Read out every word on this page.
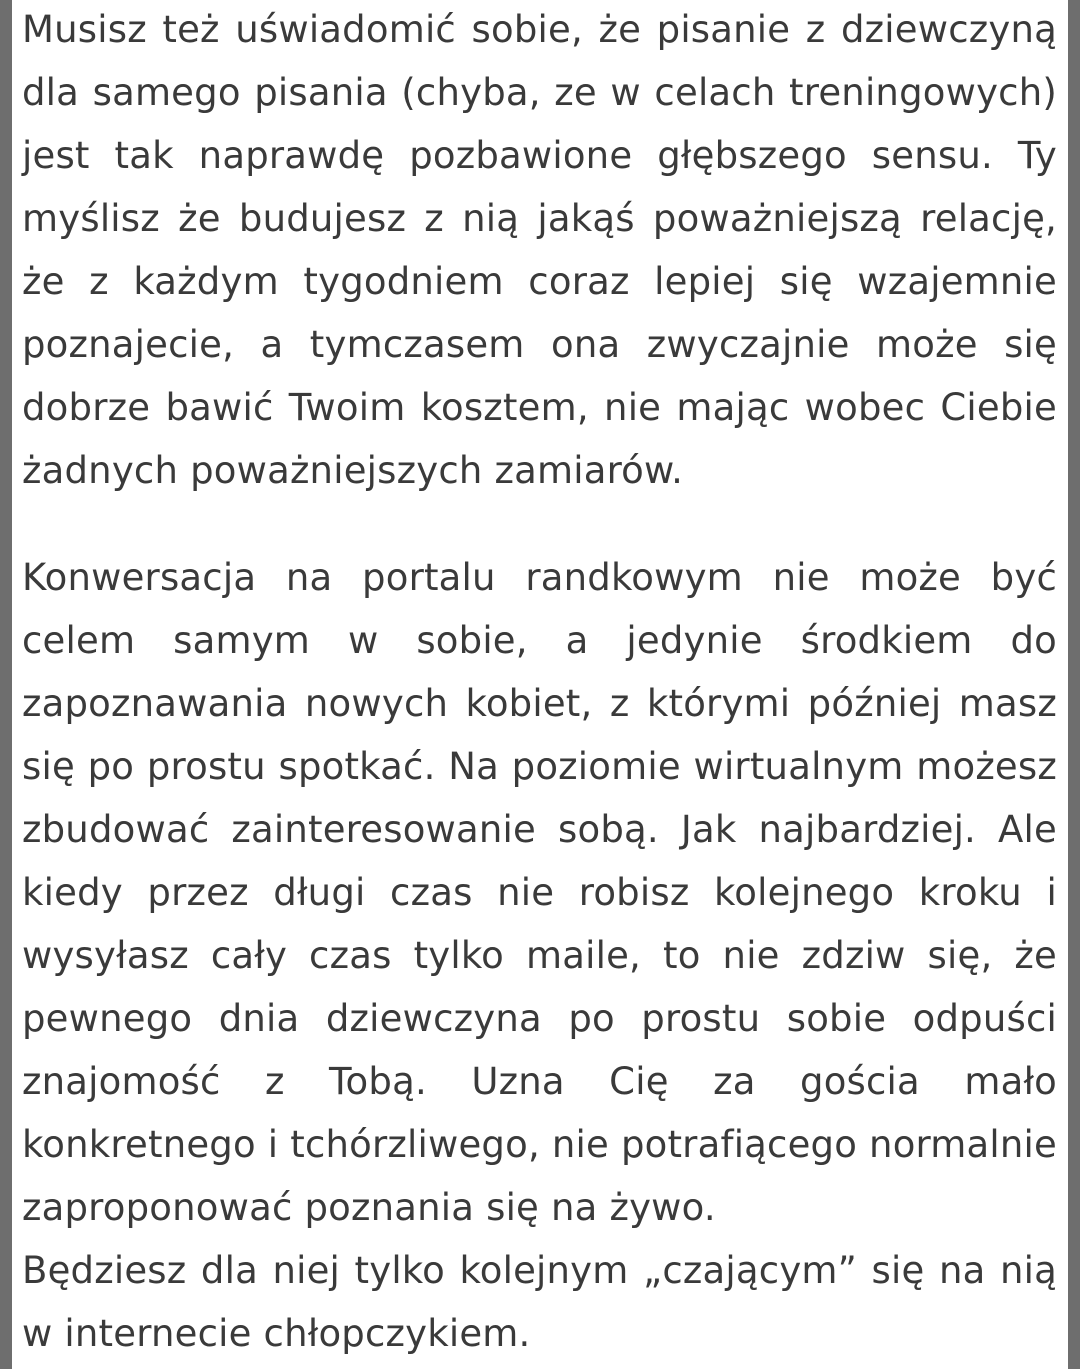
Musisz też uświadomić sobie, że pisanie z dziewczyną dla samego pisania (chyba, ze w celach treningowych) jest tak naprawdę pozbawione głębszego sensu. Ty myślisz że budujesz z nią jakąś poważniejszą relację, że z każdym tygodniem coraz lepiej się wzajemnie poznajecie, a tymczasem ona zwyczajnie może się dobrze bawić Twoim kosztem, nie mając wobec Ciebie żadnych poważniejszych zamiarów.

Konwersacja na portalu randkowym nie może być celem samym w sobie, a jedynie środkiem do zapoznawania nowych kobiet, z którymi później masz się po prostu spotkać. Na poziomie wirtualnym możesz zbudować zainteresowanie sobą. Jak najbardziej. Ale kiedy przez długi czas nie robisz kolejnego kroku i wysyłasz cały czas tylko maile, to nie zdziw się, że pewnego dnia dziewczyna po prostu sobie odpuści znajomość z Tobą. Uzna Cię za gościa mało konkretnego i tchórzliwego, nie potrafiącego normalnie zaproponować poznania się na żywo.

Będziesz dla niej tylko kolejnym „czającym” się na nią w internecie chłopczykiem.
